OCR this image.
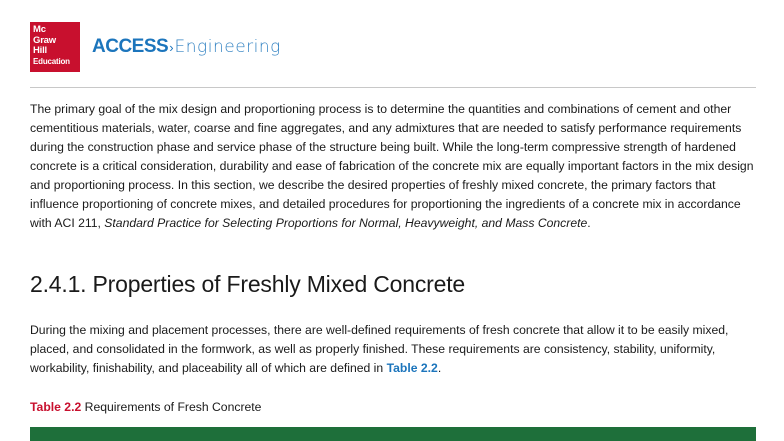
Mc
Graw
Hill
Education
ACCESS › Engineering

The primary goal of the mix design and proportioning process is to determine the quantities and combinations of cement and other cementitious materials, water, coarse and fine aggregates, and any admixtures that are needed to satisfy performance requirements during the construction phase and service phase of the structure being built. While the long-term compressive strength of hardened concrete is a critical consideration, durability and ease of fabrication of the concrete mix are equally important factors in the mix design and proportioning process. In this section, we describe the desired properties of freshly mixed concrete, the primary factors that influence proportioning of concrete mixes, and detailed procedures for proportioning the ingredients of a concrete mix in accordance with ACI 211, Standard Practice for Selecting Proportions for Normal, Heavyweight, and Mass Concrete.

2.4.1. Properties of Freshly Mixed Concrete

During the mixing and placement processes, there are well-defined requirements of fresh concrete that allow it to be easily mixed, placed, and consolidated in the formwork, as well as properly finished. These requirements are consistency, stability, uniformity, workability, finishability, and placeability all of which are defined in Table 2.2.

Table 2.2 Requirements of Fresh Concrete
